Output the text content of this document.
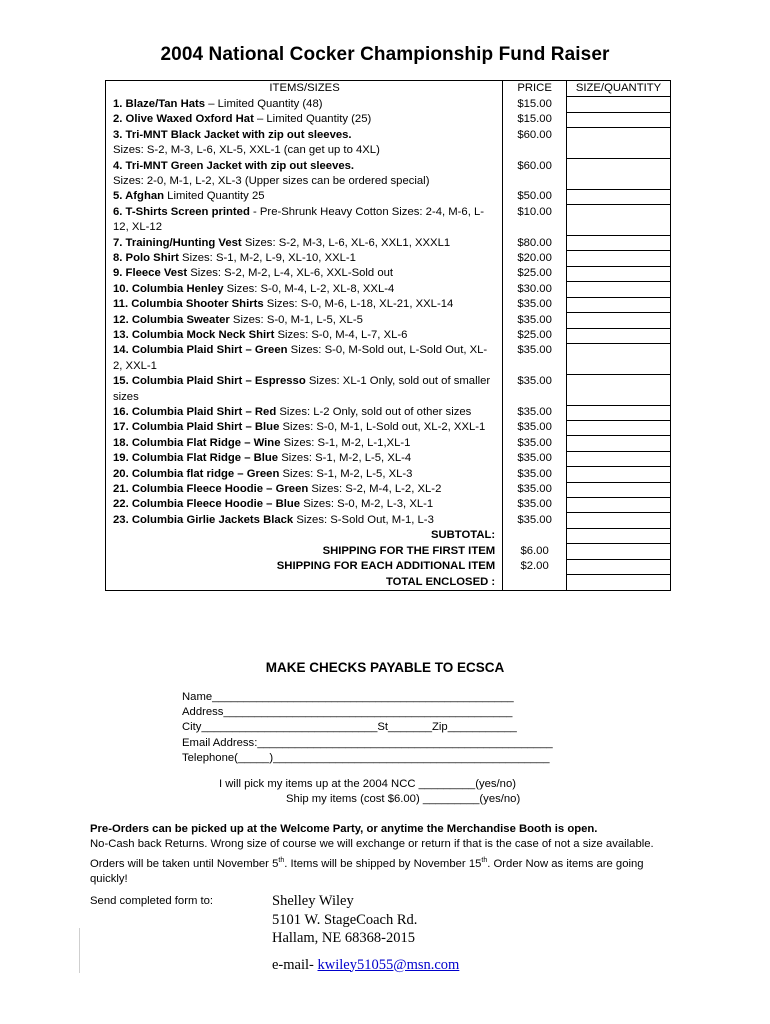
2004 National Cocker Championship Fund Raiser
ITEMS/SIZES	PRICE	SIZE/QUANTITY
1. Blaze/Tan Hats – Limited Quantity (48)	$15.00	
2. Olive Waxed Oxford Hat – Limited Quantity (25)	$15.00	
3. Tri-MNT Black Jacket with zip out sleeves.
Sizes: S-2, M-3, L-6, XL-5, XXL-1 (can get up to 4XL)	$60.00	
4. Tri-MNT Green Jacket with zip out sleeves.
Sizes: 2-0, M-1, L-2, XL-3 (Upper sizes can be ordered special)	$60.00	
5. Afghan Limited Quantity 25	$50.00	
6. T-Shirts Screen printed - Pre-Shrunk Heavy Cotton Sizes: 2-4, M-6, L-12, XL-12	$10.00	
7. Training/Hunting Vest Sizes: S-2, M-3, L-6, XL-6, XXL1, XXXL1	$80.00	
8. Polo Shirt Sizes: S-1, M-2, L-9, XL-10, XXL-1	$20.00	
9. Fleece Vest Sizes: S-2, M-2, L-4, XL-6, XXL-Sold out	$25.00	
10. Columbia Henley Sizes: S-0, M-4, L-2, XL-8, XXL-4	$30.00	
11. Columbia Shooter Shirts Sizes: S-0, M-6, L-18, XL-21, XXL-14	$35.00	
12. Columbia Sweater Sizes: S-0, M-1, L-5, XL-5	$35.00	
13. Columbia Mock Neck Shirt Sizes: S-0, M-4, L-7, XL-6	$25.00	
14. Columbia Plaid Shirt – Green Sizes: S-0, M-Sold out, L-Sold Out, XL-2, XXL-1	$35.00	
15. Columbia Plaid Shirt – Espresso Sizes: XL-1 Only, sold out of smaller sizes	$35.00	
16. Columbia Plaid Shirt – Red Sizes: L-2 Only, sold out of other sizes	$35.00	
17. Columbia Plaid Shirt – Blue Sizes: S-0, M-1, L-Sold out, XL-2, XXL-1	$35.00	
18. Columbia Flat Ridge – Wine Sizes: S-1, M-2, L-1,XL-1	$35.00	
19. Columbia Flat Ridge – Blue Sizes: S-1, M-2, L-5, XL-4	$35.00	
20. Columbia flat ridge – Green Sizes: S-1, M-2, L-5, XL-3	$35.00	
21. Columbia Fleece Hoodie – Green Sizes: S-2, M-4, L-2, XL-2	$35.00	
22. Columbia Fleece Hoodie – Blue Sizes: S-0, M-2, L-3, XL-1	$35.00	
23. Columbia Girlie Jackets Black Sizes: S-Sold Out, M-1, L-3	$35.00	
SUBTOTAL:		
SHIPPING FOR THE FIRST ITEM	$6.00	
SHIPPING FOR EACH ADDITIONAL ITEM	$2.00	
TOTAL ENCLOSED :		
MAKE CHECKS PAYABLE TO ECSCA
Name________________________________________________
Address______________________________________________
City____________________________St_______Zip___________
Email Address:_______________________________________________
Telephone(_____)____________________________________________
I will pick my items up at the 2004 NCC _________(yes/no)
Ship my items (cost $6.00) _________(yes/no)
Pre-Orders can be picked up at the Welcome Party, or anytime the Merchandise Booth is open.
No-Cash back Returns. Wrong size of course we will exchange or return if that is the case of not a size available. Orders will be taken until November 5th. Items will be shipped by November 15th. Order Now as items are going quickly!
Send completed form to:	Shelley Wiley
5101 W. StageCoach Rd.
Hallam, NE 68368-2015
e-mail- kwiley51055@msn.com
